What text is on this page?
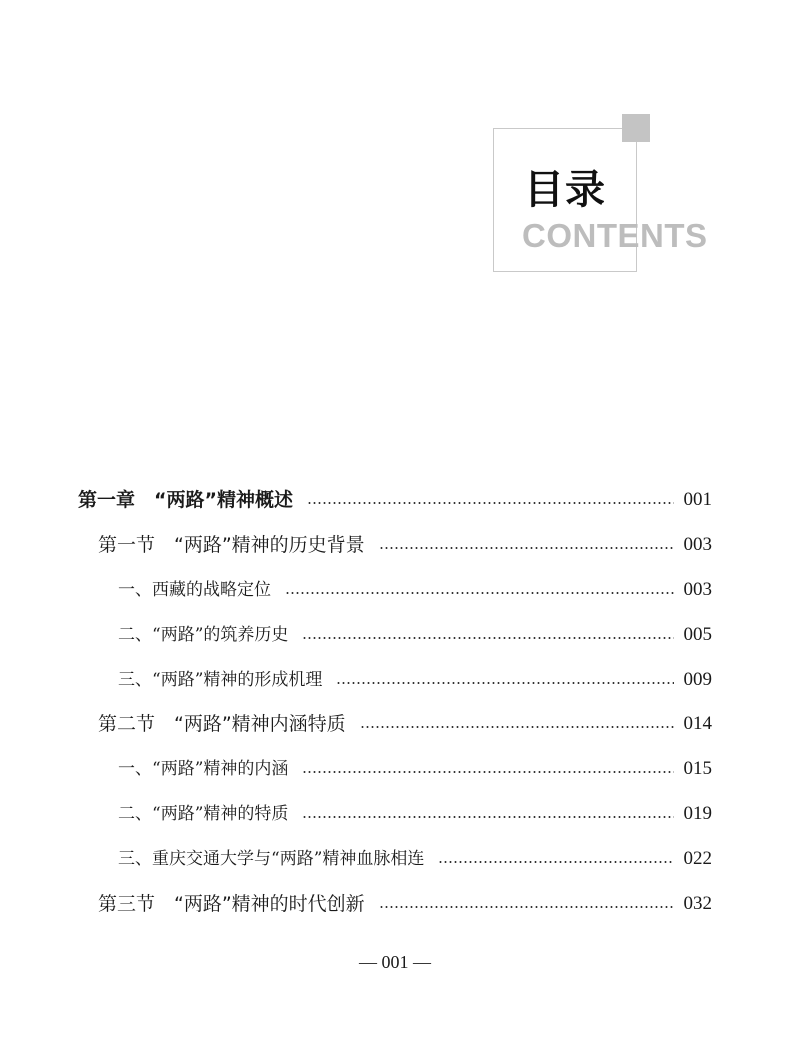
目录
CONTENTS
第一章　“两路”精神概述	001
第一节　“两路”精神的历史背景	003
一、西藏的战略定位	003
二、“两路”的筑养历史	005
三、“两路”精神的形成机理	009
第二节　“两路”精神内涵特质	014
一、“两路”精神的内涵	015
二、“两路”精神的特质	019
三、重庆交通大学与“两路”精神血脉相连	022
第三节　“两路”精神的时代创新	032
— 001 —
